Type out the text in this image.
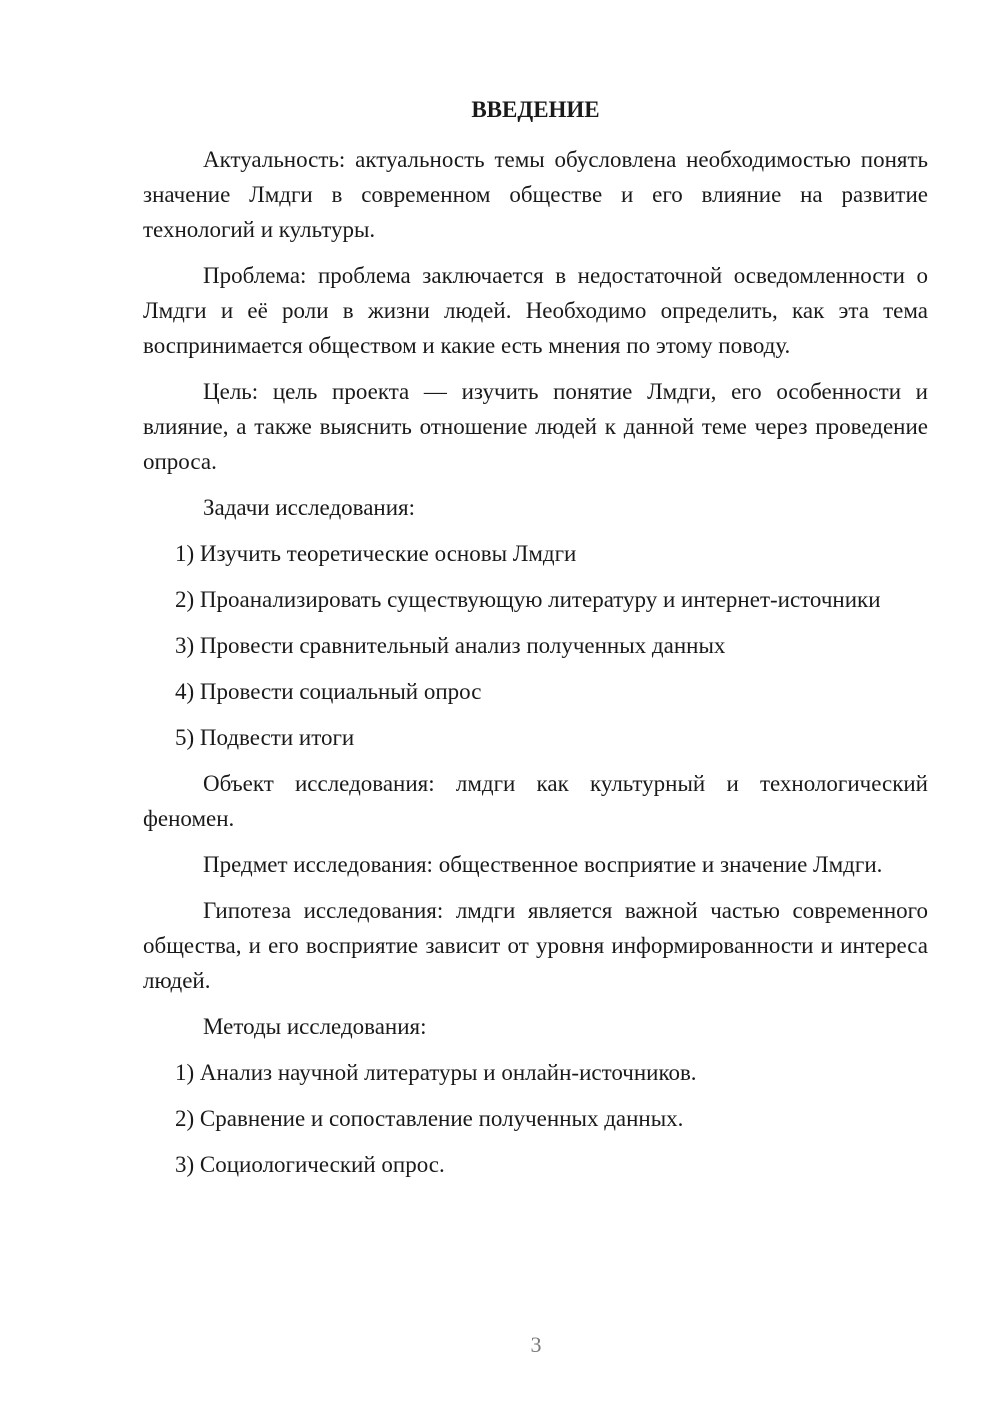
ВВЕДЕНИЕ

Актуальность: актуальность темы обусловлена необходимостью понять значение Лмдги в современном обществе и его влияние на развитие технологий и культуры.

Проблема: проблема заключается в недостаточной осведомленности о Лмдги и её роли в жизни людей. Необходимо определить, как эта тема воспринимается обществом и какие есть мнения по этому поводу.

Цель: цель проекта — изучить понятие Лмдги, его особенности и влияние, а также выяснить отношение людей к данной теме через проведение опроса.

Задачи исследования:

1) Изучить теоретические основы Лмдги

2) Проанализировать существующую литературу и интернет-источники

3) Провести сравнительный анализ полученных данных

4) Провести социальный опрос

5) Подвести итоги

Объект исследования: лмдги как культурный и технологический феномен.

Предмет исследования: общественное восприятие и значение Лмдги.

Гипотеза исследования: лмдги является важной частью современного общества, и его восприятие зависит от уровня информированности и интереса людей.

Методы исследования:

1) Анализ научной литературы и онлайн-источников.

2) Сравнение и сопоставление полученных данных.

3) Социологический опрос.

3
